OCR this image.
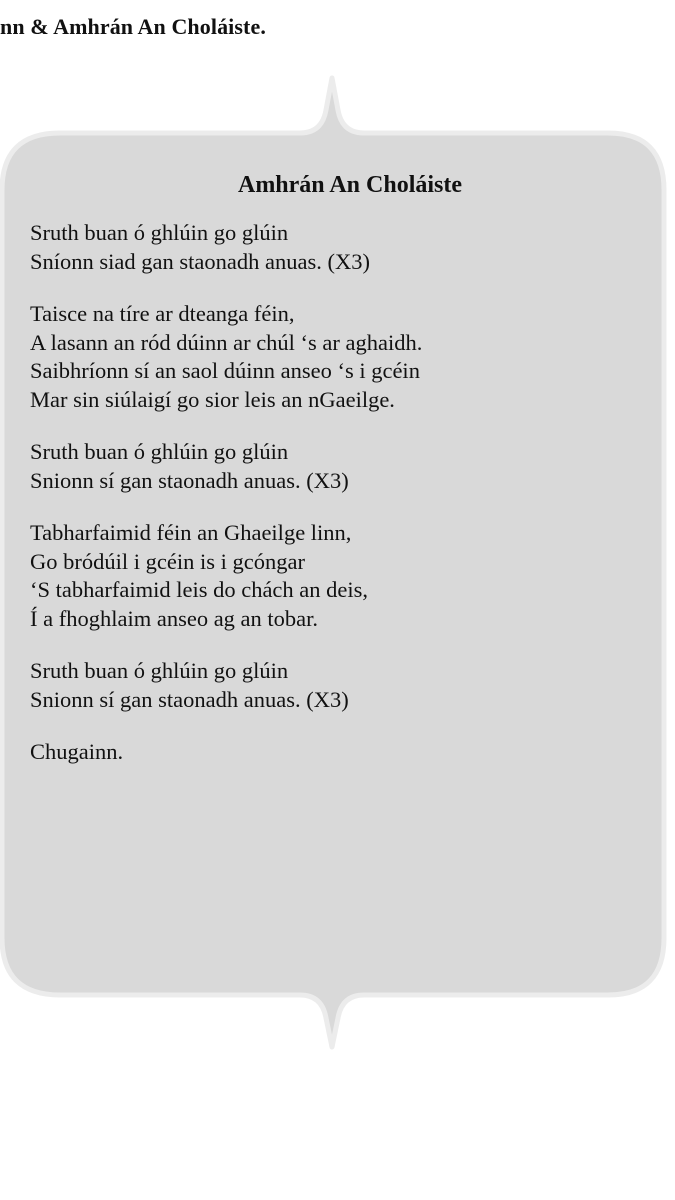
nn & Amhrán An Choláiste.
Amhrán An Choláiste
Sruth buan ó ghlúin go glúin
Sníonn siad gan staonadh anuas. (X3)
Taisce na tíre ar dteanga féin,
A lasann an ród dúinn ar chúl ‘s ar aghaidh.
Saibhríonn sí an saol dúinn anseo ‘s i gcéin
Mar sin siúlaigí go sior leis an nGaeilge.
Sruth buan ó ghlúin go glúin
Snionn sí gan staonadh anuas. (X3)
Tabharfaimid féin an Ghaeilge linn,
Go bródúil i gcéin is i gcóngar
‘S tabharfaimid leis do chách an deis,
Í a fhoghlaim anseo ag an tobar.
Sruth buan ó ghlúin go glúin
Snionn sí gan staonadh anuas. (X3)
Chugainn.
